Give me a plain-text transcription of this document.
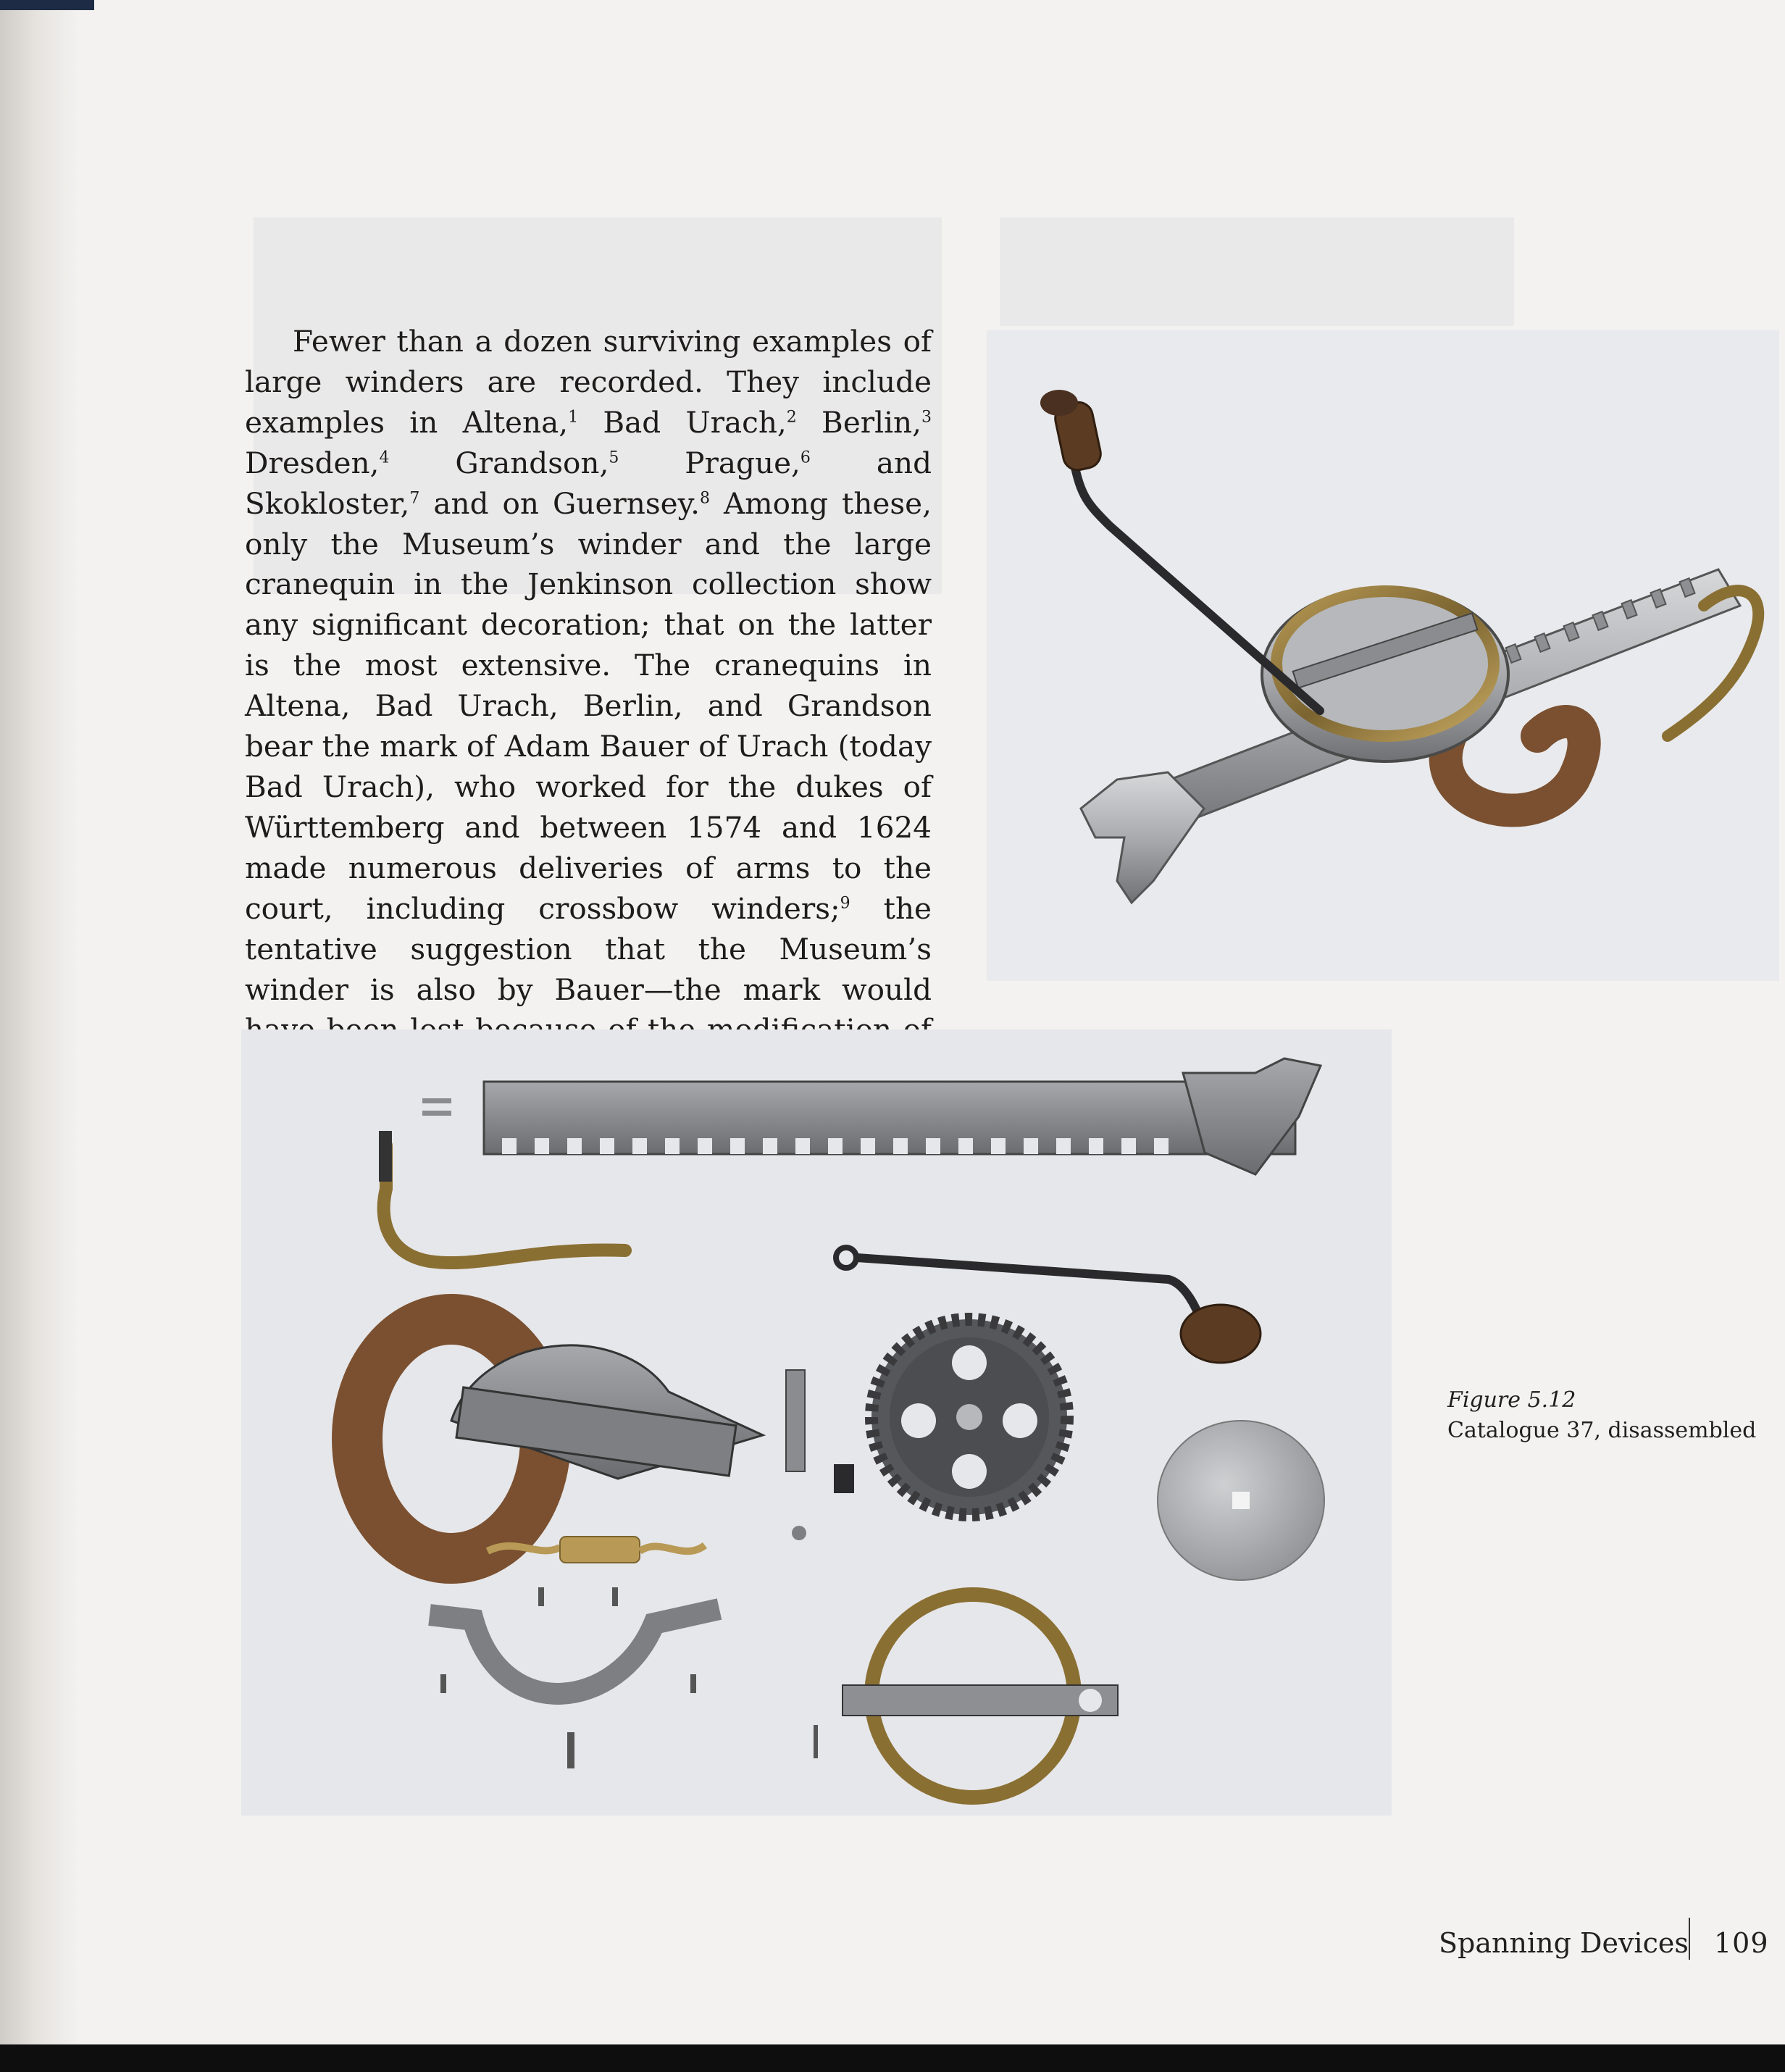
Fewer than a dozen surviving examples of large winders are recorded. They include examples in Altena,$^1$ Bad Urach,$^2$ Berlin,$^3$ Dresden,$^4$ Grandson,$^5$ Prague,$^6$ and Skokloster,$^7$ and on Guernsey.$^8$ Among these, only the Museum’s winder and the large cranequin in the Jenkinson collection show any significant decoration; that on the latter is the most extensive. The cranequins in Altena, Bad Urach, Berlin, and Grandson bear the mark of Adam Bauer of Urach (today Bad Urach), who worked for the dukes of Württemberg and between 1574 and 1624 made numerous deliveries of arms to the court, including crossbow winders;$^9$ the tentative suggestion that the Museum’s winder is also by Bauer—the mark would

Figure 5.12
Catalogue 37, disassembled
Spanning Devices 109
